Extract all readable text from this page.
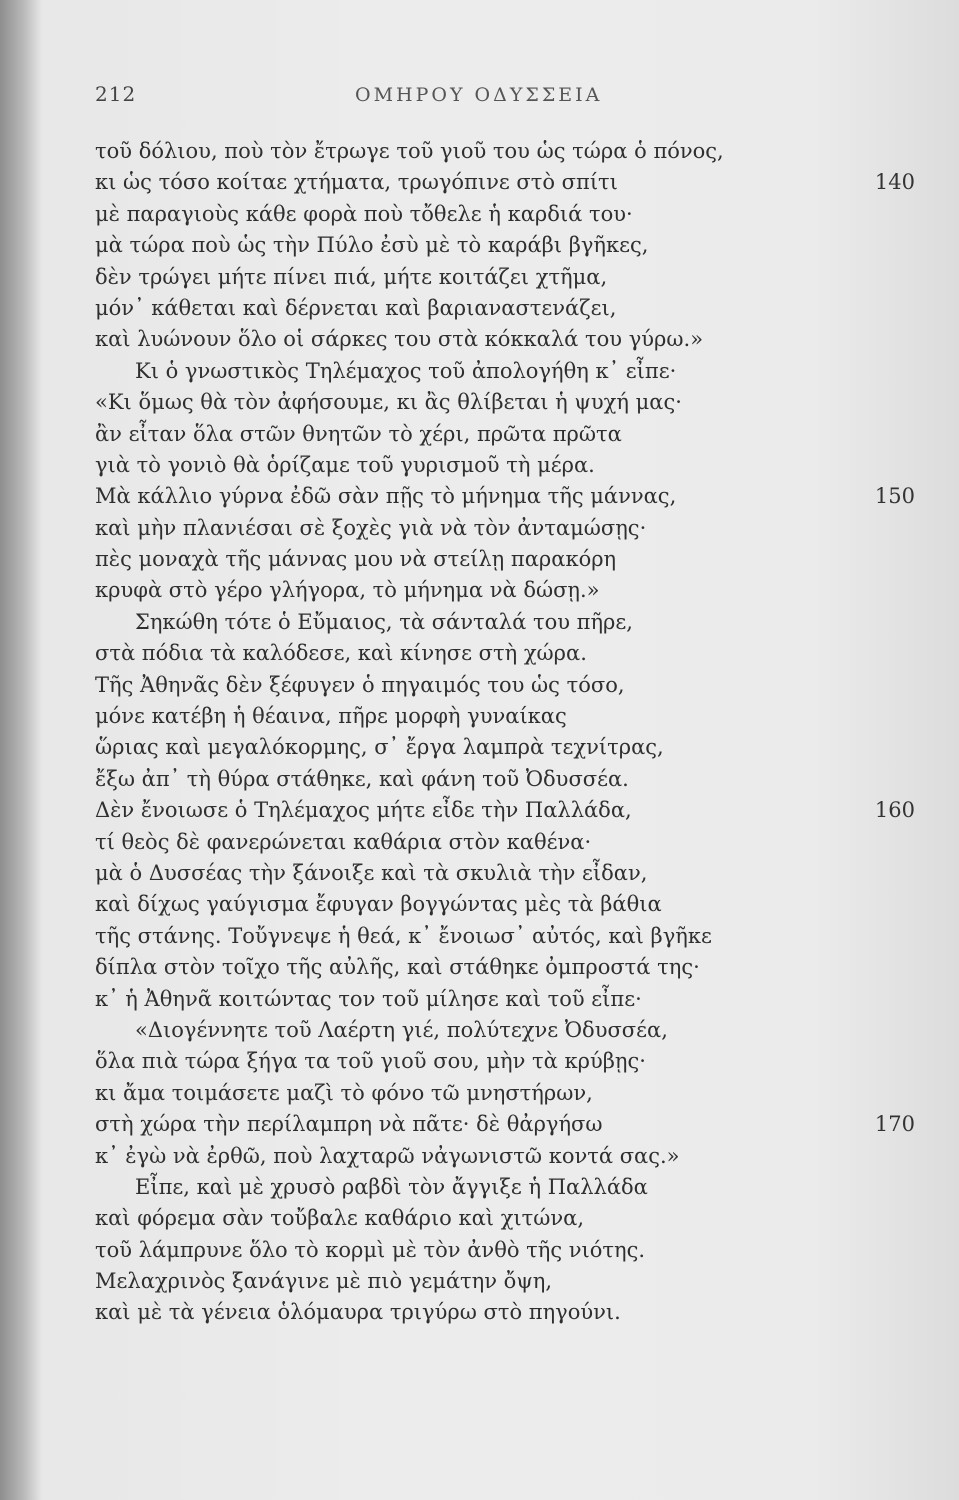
212	ΟΜΗΡΟΥ ΟΔΥΣΣΕΙΑ
τοῦ δόλιου, ποὺ τὸν ἔτρωγε τοῦ γιοῦ του ὡς τώρα ὁ πόνος,
κι ὡς τόσο κοίταε χτήματα, τρωγόπινε στὸ σπίτι	140
μὲ παραγιοὺς κάθε φορὰ ποὺ τὄθελε ἡ καρδιά του·
μὰ τώρα ποὺ ὡς τὴν Πύλο ἐσὺ μὲ τὸ καράβι βγῆκες,
δὲν τρώγει μήτε πίνει πιά, μήτε κοιτάζει χτῆμα,
μόν᾿ κάθεται καὶ δέρνεται καὶ βαριαναστενάζει,
καὶ λυώνουν ὅλο οἱ σάρκες του στὰ κόκκαλά του γύρω.»
Κι ὁ γνωστικὸς Τηλέμαχος τοῦ ἀπολογήθη κ᾿ εἶπε·
«Κι ὅμως θὰ τὸν ἀφήσουμε, κι ἂς θλίβεται ἡ ψυχή μας·
ἂν εἶταν ὅλα στῶν θνητῶν τὸ χέρι, πρῶτα πρῶτα
γιὰ τὸ γονιὸ θὰ ὁρίζαμε τοῦ γυρισμοῦ τὴ μέρα.
Μὰ κάλλιο γύρνα ἐδῶ σὰν πῇς τὸ μήνημα τῆς μάννας,	150
καὶ μὴν πλανιέσαι σὲ ξοχὲς γιὰ νὰ τὸν ἀνταμώσῃς·
πὲς μοναχὰ τῆς μάννας μου νὰ στείλῃ παρακόρη
κρυφὰ στὸ γέρο γλήγορα, τὸ μήνημα νὰ δώσῃ.»
Σηκώθη τότε ὁ Εὔμαιος, τὰ σάνταλά του πῆρε,
στὰ πόδια τὰ καλόδεσε, καὶ κίνησε στὴ χώρα.
Τῆς Ἀθηνᾶς δὲν ξέφυγεν ὁ πηγαιμός του ὡς τόσο,
μόνε κατέβη ἡ θέαινα, πῆρε μορφὴ γυναίκας
ὥριας καὶ μεγαλόκορμης, σ᾿ ἔργα λαμπρὰ τεχνίτρας,
ἔξω ἀπ᾿ τὴ θύρα στάθηκε, καὶ φάνη τοῦ Ὀδυσσέα.
Δὲν ἔνοιωσε ὁ Τηλέμαχος μήτε εἶδε τὴν Παλλάδα,	160
τί θεὸς δὲ φανερώνεται καθάρια στὸν καθένα·
μὰ ὁ Δυσσέας τὴν ξάνοιξε καὶ τὰ σκυλιὰ τὴν εἶδαν,
καὶ δίχως γαύγισμα ἔφυγαν βογγώντας μὲς τὰ βάθια
τῆς στάνης. Τοὔγνεψε ἡ θεά, κ᾿ ἔνοιωσ᾿ αὐτός, καὶ βγῆκε
δίπλα στὸν τοῖχο τῆς αὐλῆς, καὶ στάθηκε ὀμπροστά της·
κ᾿ ἡ Ἀθηνᾶ κοιτώντας τον τοῦ μίλησε καὶ τοῦ εἶπε·
«Διογέννητε τοῦ Λαέρτη γιέ, πολύτεχνε Ὀδυσσέα,
ὅλα πιὰ τώρα ξήγα τα τοῦ γιοῦ σου, μὴν τὰ κρύβῃς·
κι ἄμα τοιμάσετε μαζὶ τὸ φόνο τῶ μνηστήρων,
στὴ χώρα τὴν περίλαμπρη νὰ πᾶτε· δὲ θἀργήσω	170
κ᾿ ἐγὼ νὰ ἐρθῶ, ποὺ λαχταρῶ νἀγωνιστῶ κοντά σας.»
Εἶπε, καὶ μὲ χρυσὸ ραβδὶ τὸν ἄγγιξε ἡ Παλλάδα
καὶ φόρεμα σὰν τοὔβαλε καθάριο καὶ χιτώνα,
τοῦ λάμπρυνε ὅλο τὸ κορμὶ μὲ τὸν ἀνθὸ τῆς νιότης.
Μελαχρινὸς ξανάγινε μὲ πιὸ γεμάτην ὄψη,
καὶ μὲ τὰ γένεια ὁλόμαυρα τριγύρω στὸ πηγούνι.
